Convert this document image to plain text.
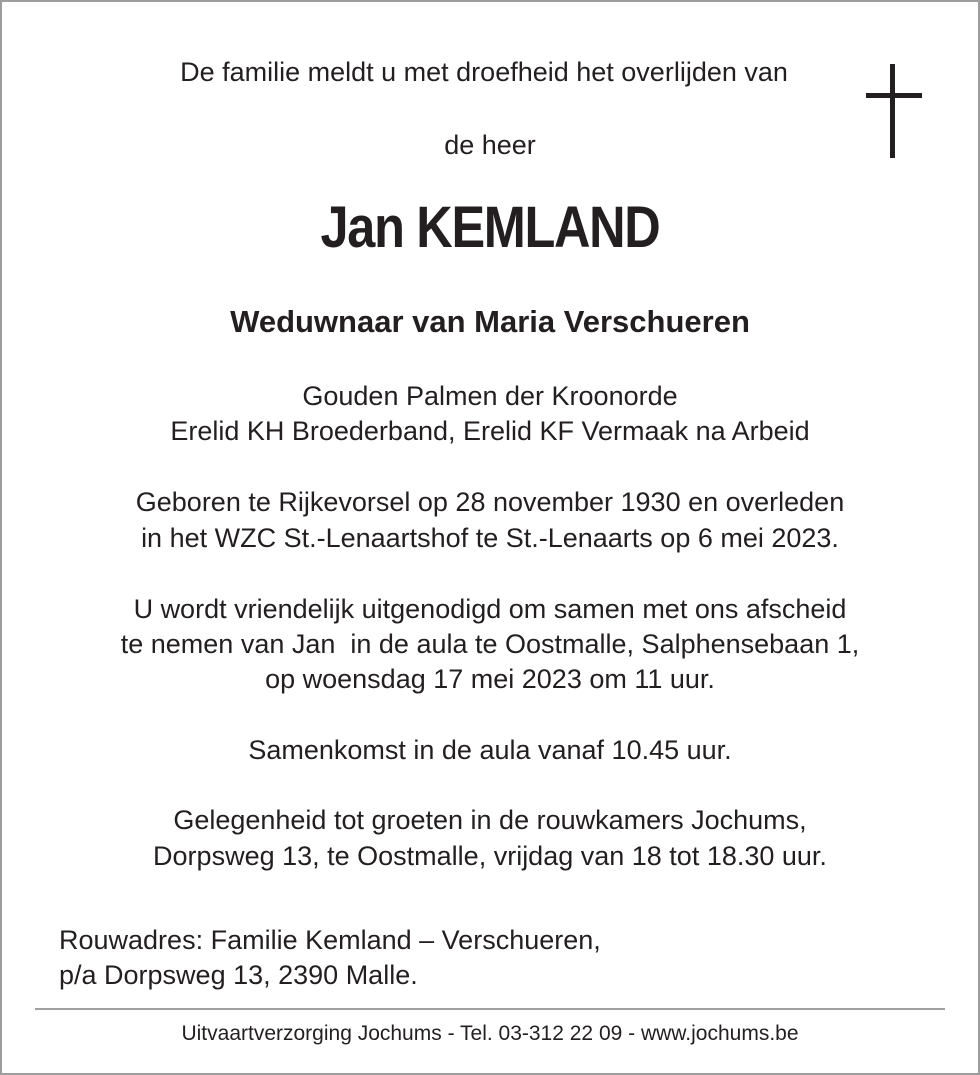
De familie meldt u met droefheid het overlijden van
de heer
Jan KEMLAND
Weduwnaar van Maria Verschueren
Gouden Palmen der Kroonorde
Erelid KH Broederband, Erelid KF Vermaak na Arbeid
Geboren te Rijkevorsel op 28 november 1930 en overleden
in het WZC St.-Lenaartshof te St.-Lenaarts op 6 mei 2023.
U wordt vriendelijk uitgenodigd om samen met ons afscheid
te nemen van Jan  in de aula te Oostmalle, Salphensebaan 1,
op woensdag 17 mei 2023 om 11 uur.
Samenkomst in de aula vanaf 10.45 uur.
Gelegenheid tot groeten in de rouwkamers Jochums,
Dorpsweg 13, te Oostmalle, vrijdag van 18 tot 18.30 uur.
Rouwadres: Familie Kemland – Verschueren,
p/a Dorpsweg 13, 2390 Malle.
Uitvaartverzorging Jochums - Tel. 03-312 22 09 - www.jochums.be
